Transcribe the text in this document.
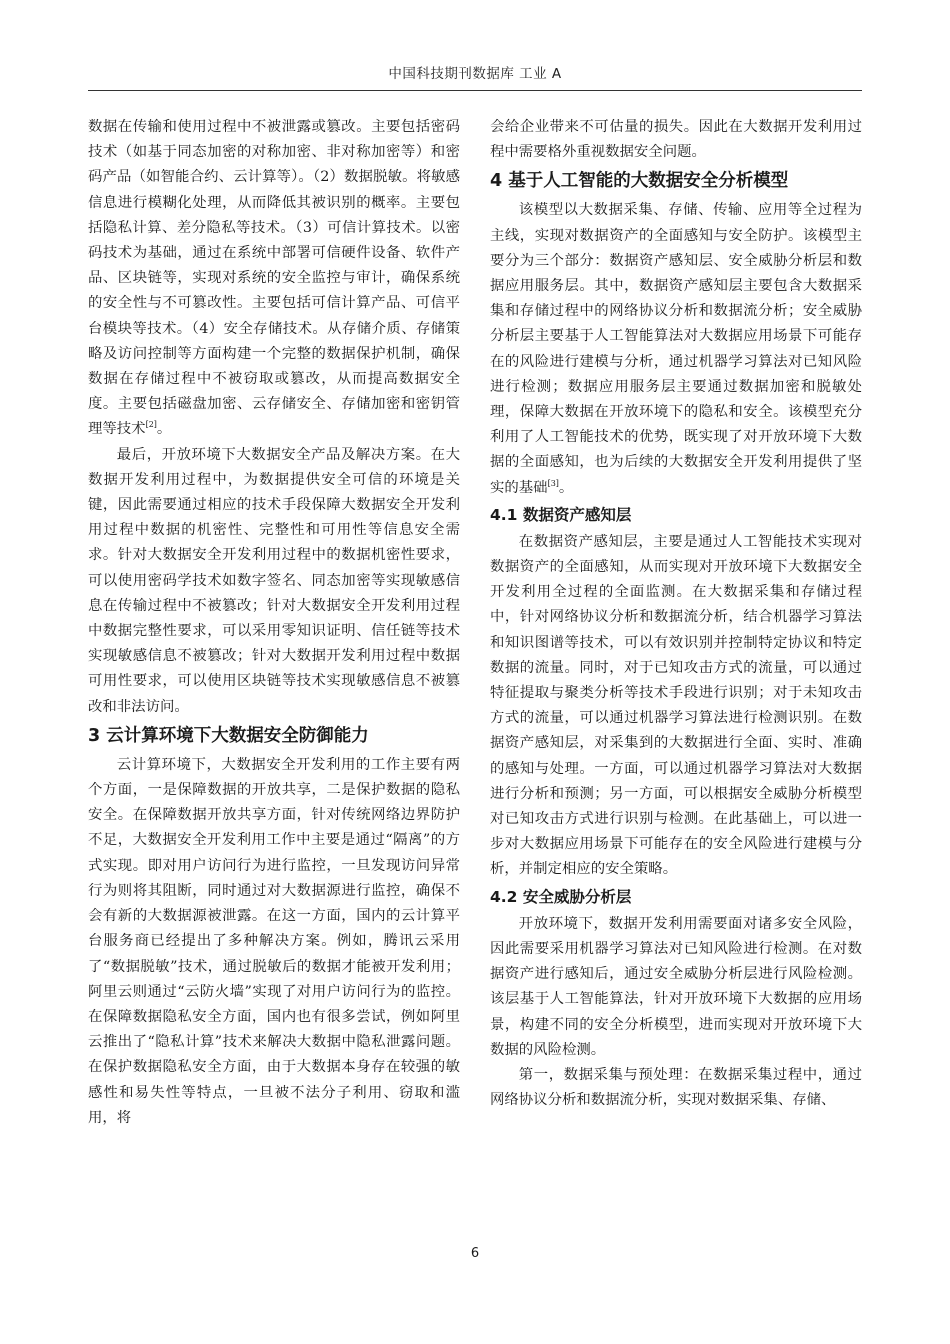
中国科技期刊数据库 工业 A

数据在传输和使用过程中不被泄露或篡改。主要包括密码技术（如基于同态加密的对称加密、非对称加密等）和密码产品（如智能合约、云计算等）。（2）数据脱敏。将敏感信息进行模糊化处理，从而降低其被识别的概率。主要包括隐私计算、差分隐私等技术。（3）可信计算技术。以密码技术为基础，通过在系统中部署可信硬件设备、软件产品、区块链等，实现对系统的安全监控与审计，确保系统的安全性与不可篡改性。主要包括可信计算产品、可信平台模块等技术。（4）安全存储技术。从存储介质、存储策略及访问控制等方面构建一个完整的数据保护机制，确保数据在存储过程中不被窃取或篡改，从而提高数据安全度。主要包括磁盘加密、云存储安全、存储加密和密钥管理等技术[2]。

最后，开放环境下大数据安全产品及解决方案。在大数据开发利用过程中，为数据提供安全可信的环境是关键，因此需要通过相应的技术手段保障大数据安全开发利用过程中数据的机密性、完整性和可用性等信息安全需求。针对大数据安全开发利用过程中的数据机密性要求，可以使用密码学技术如数字签名、同态加密等实现敏感信息在传输过程中不被篡改；针对大数据安全开发利用过程中数据完整性要求，可以采用零知识证明、信任链等技术实现敏感信息不被篡改；针对大数据开发利用过程中数据可用性要求，可以使用区块链等技术实现敏感信息不被篡改和非法访问。

3 云计算环境下大数据安全防御能力

云计算环境下，大数据安全开发利用的工作主要有两个方面，一是保障数据的开放共享，二是保护数据的隐私安全。在保障数据开放共享方面，针对传统网络边界防护不足，大数据安全开发利用工作中主要是通过“隔离”的方式实现。即对用户访问行为进行监控，一旦发现访问异常行为则将其阻断，同时通过对大数据源进行监控，确保不会有新的大数据源被泄露。在这一方面，国内的云计算平台服务商已经提出了多种解决方案。例如，腾讯云采用了“数据脱敏”技术，通过脱敏后的数据才能被开发利用；阿里云则通过“云防火墙”实现了对用户访问行为的监控。在保障数据隐私安全方面，国内也有很多尝试，例如阿里云推出了“隐私计算”技术来解决大数据中隐私泄露问题。在保护数据隐私安全方面，由于大数据本身存在较强的敏感性和易失性等特点，一旦被不法分子利用、窃取和滥用，将

会给企业带来不可估量的损失。因此在大数据开发利用过程中需要格外重视数据安全问题。

4 基于人工智能的大数据安全分析模型

该模型以大数据采集、存储、传输、应用等全过程为主线，实现对数据资产的全面感知与安全防护。该模型主要分为三个部分：数据资产感知层、安全威胁分析层和数据应用服务层。其中，数据资产感知层主要包含大数据采集和存储过程中的网络协议分析和数据流分析；安全威胁分析层主要基于人工智能算法对大数据应用场景下可能存在的风险进行建模与分析，通过机器学习算法对已知风险进行检测；数据应用服务层主要通过数据加密和脱敏处理，保障大数据在开放环境下的隐私和安全。该模型充分利用了人工智能技术的优势，既实现了对开放环境下大数据的全面感知，也为后续的大数据安全开发利用提供了坚实的基础[3]。

4.1 数据资产感知层

在数据资产感知层，主要是通过人工智能技术实现对数据资产的全面感知，从而实现对开放环境下大数据安全开发利用全过程的全面监测。在大数据采集和存储过程中，针对网络协议分析和数据流分析，结合机器学习算法和知识图谱等技术，可以有效识别并控制特定协议和特定数据的流量。同时，对于已知攻击方式的流量，可以通过特征提取与聚类分析等技术手段进行识别；对于未知攻击方式的流量，可以通过机器学习算法进行检测识别。在数据资产感知层，对采集到的大数据进行全面、实时、准确的感知与处理。一方面，可以通过机器学习算法对大数据进行分析和预测；另一方面，可以根据安全威胁分析模型对已知攻击方式进行识别与检测。在此基础上，可以进一步对大数据应用场景下可能存在的安全风险进行建模与分析，并制定相应的安全策略。

4.2 安全威胁分析层

开放环境下，数据开发利用需要面对诸多安全风险，因此需要采用机器学习算法对已知风险进行检测。在对数据资产进行感知后，通过安全威胁分析层进行风险检测。该层基于人工智能算法，针对开放环境下大数据的应用场景，构建不同的安全分析模型，进而实现对开放环境下大数据的风险检测。

第一，数据采集与预处理：在数据采集过程中，通过网络协议分析和数据流分析，实现对数据采集、存储、

6
